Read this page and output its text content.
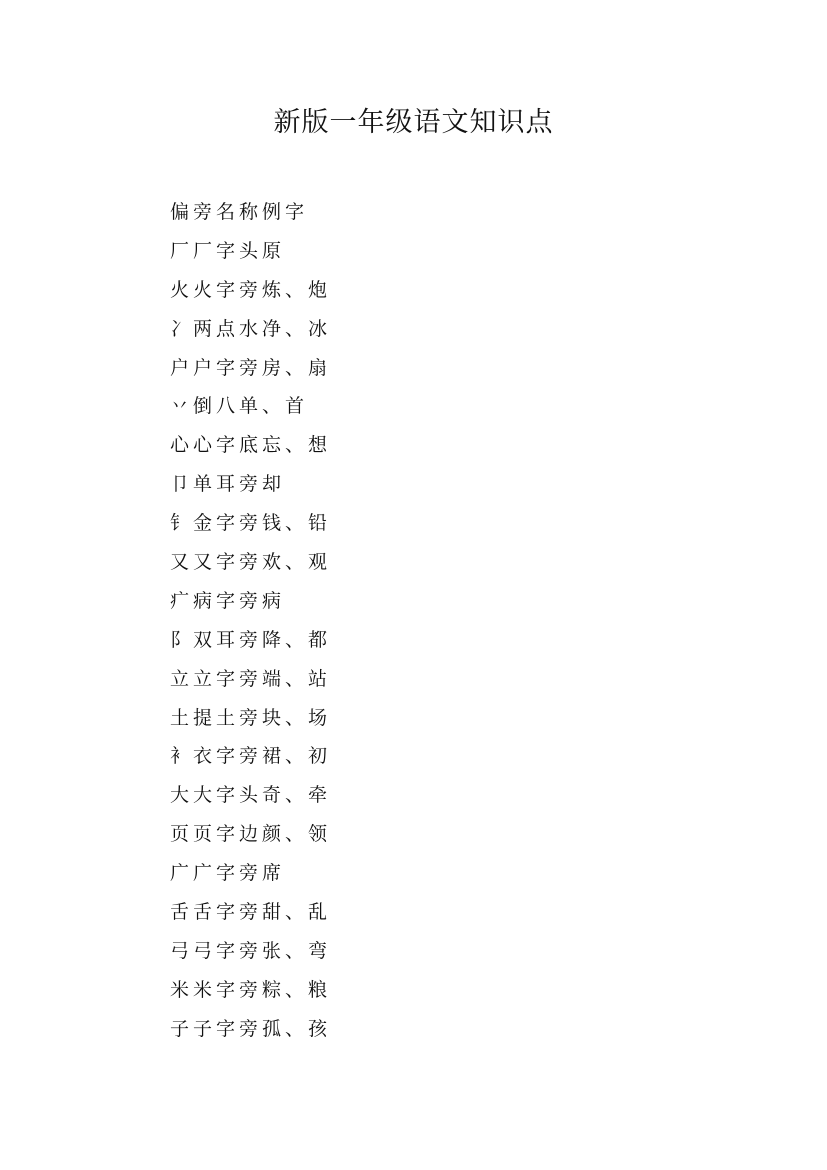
新版一年级语文知识点
偏旁名称例字
厂厂字头原
火火字旁炼、炮
冫两点水净、冰
户户字旁房、扇
丷倒八单、首
心心字底忘、想
卩单耳旁却
钅金字旁钱、铅
又又字旁欢、观
疒病字旁病
阝双耳旁降、都
立立字旁端、站
土提土旁块、场
衤衣字旁裙、初
大大字头奇、牵
页页字边颜、领
广广字旁席
舌舌字旁甜、乱
弓弓字旁张、弯
米米字旁粽、粮
子子字旁孤、孩
